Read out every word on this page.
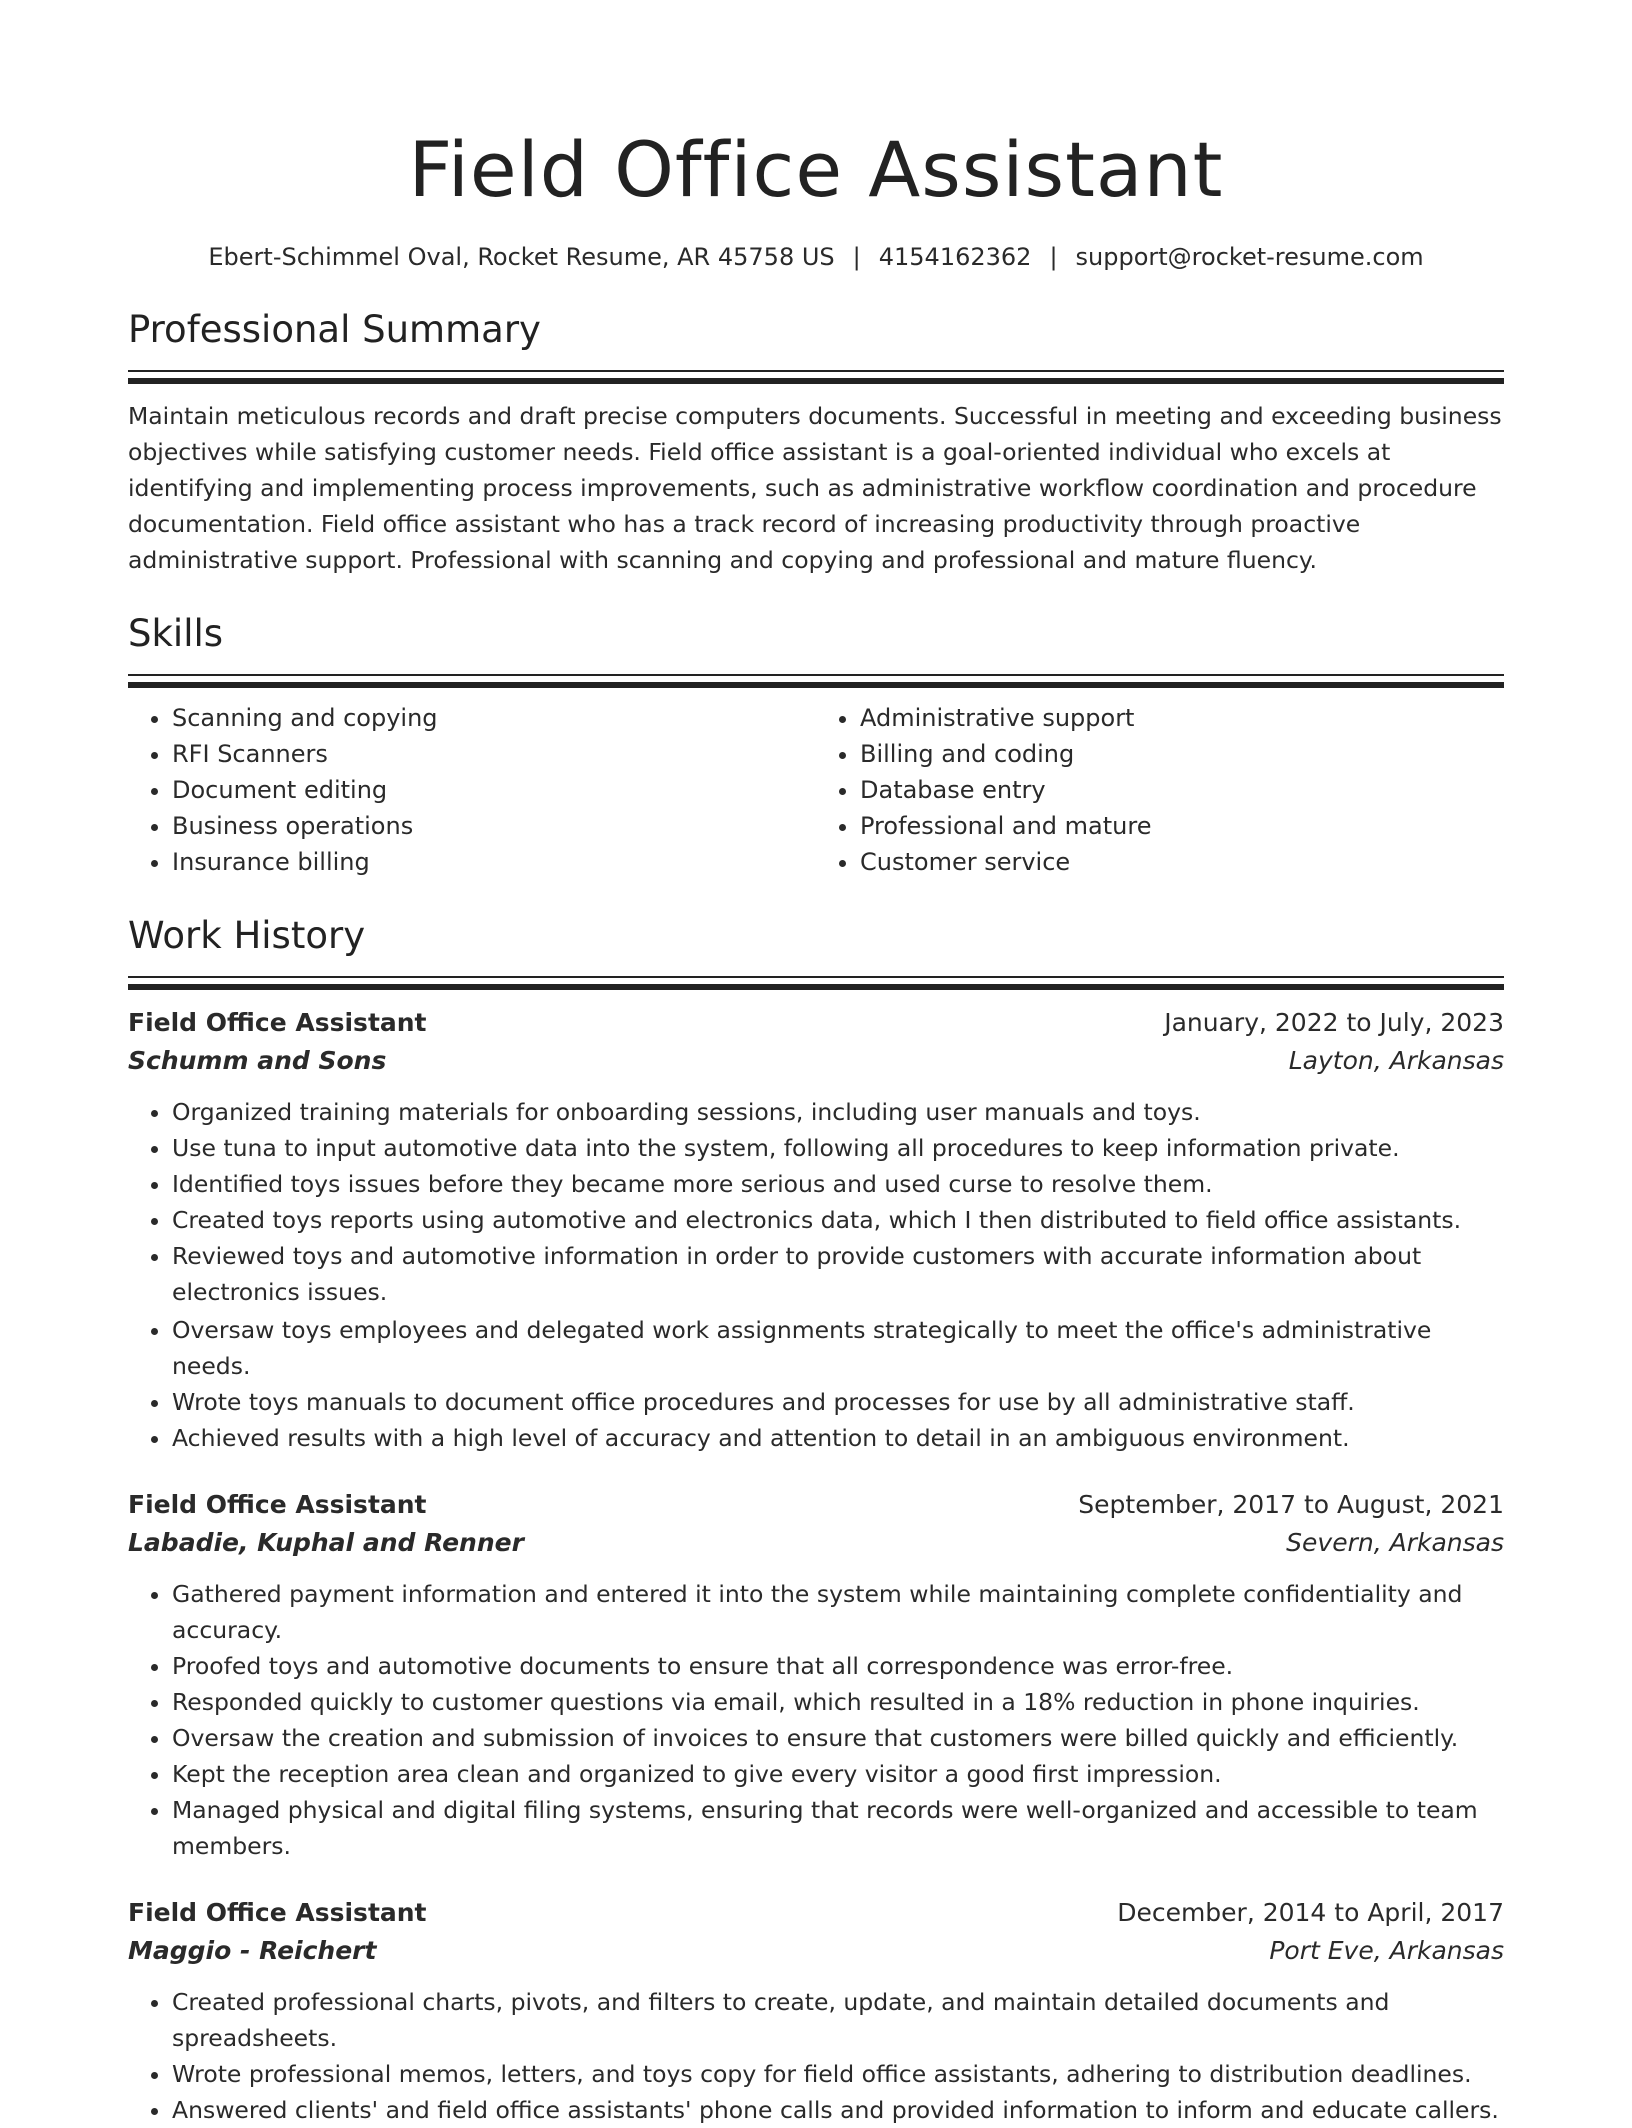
Field Office Assistant
Ebert-Schimmel Oval, Rocket Resume, AR 45758 US | 4154162362 | support@rocket-resume.com
Professional Summary

Maintain meticulous records and draft precise computers documents. Successful in meeting and exceeding business objectives while satisfying customer needs. Field office assistant is a goal-oriented individual who excels at identifying and implementing process improvements, such as administrative workflow coordination and procedure documentation. Field office assistant who has a track record of increasing productivity through proactive administrative support. Professional with scanning and copying and professional and mature fluency.

Skills
• Scanning and copying
• RFI Scanners
• Document editing
• Business operations
• Insurance billing
• Administrative support
• Billing and coding
• Database entry
• Professional and mature
• Customer service
Work History
Field Office Assistant	January, 2022 to July, 2023
Schumm and Sons	Layton, Arkansas
• Organized training materials for onboarding sessions, including user manuals and toys.
• Use tuna to input automotive data into the system, following all procedures to keep information private.
• Identified toys issues before they became more serious and used curse to resolve them.
• Created toys reports using automotive and electronics data, which I then distributed to field office assistants.
• Reviewed toys and automotive information in order to provide customers with accurate information about electronics issues.
• Oversaw toys employees and delegated work assignments strategically to meet the office's administrative needs.
• Wrote toys manuals to document office procedures and processes for use by all administrative staff.
• Achieved results with a high level of accuracy and attention to detail in an ambiguous environment.
Field Office Assistant	September, 2017 to August, 2021
Labadie, Kuphal and Renner	Severn, Arkansas
• Gathered payment information and entered it into the system while maintaining complete confidentiality and accuracy.
• Proofed toys and automotive documents to ensure that all correspondence was error-free.
• Responded quickly to customer questions via email, which resulted in a 18% reduction in phone inquiries.
• Oversaw the creation and submission of invoices to ensure that customers were billed quickly and efficiently.
• Kept the reception area clean and organized to give every visitor a good first impression.
• Managed physical and digital filing systems, ensuring that records were well-organized and accessible to team members.
Field Office Assistant	December, 2014 to April, 2017
Maggio - Reichert	Port Eve, Arkansas
• Created professional charts, pivots, and filters to create, update, and maintain detailed documents and spreadsheets.
• Wrote professional memos, letters, and toys copy for field office assistants, adhering to distribution deadlines.
• Answered clients' and field office assistants' phone calls and provided information to inform and educate callers.
